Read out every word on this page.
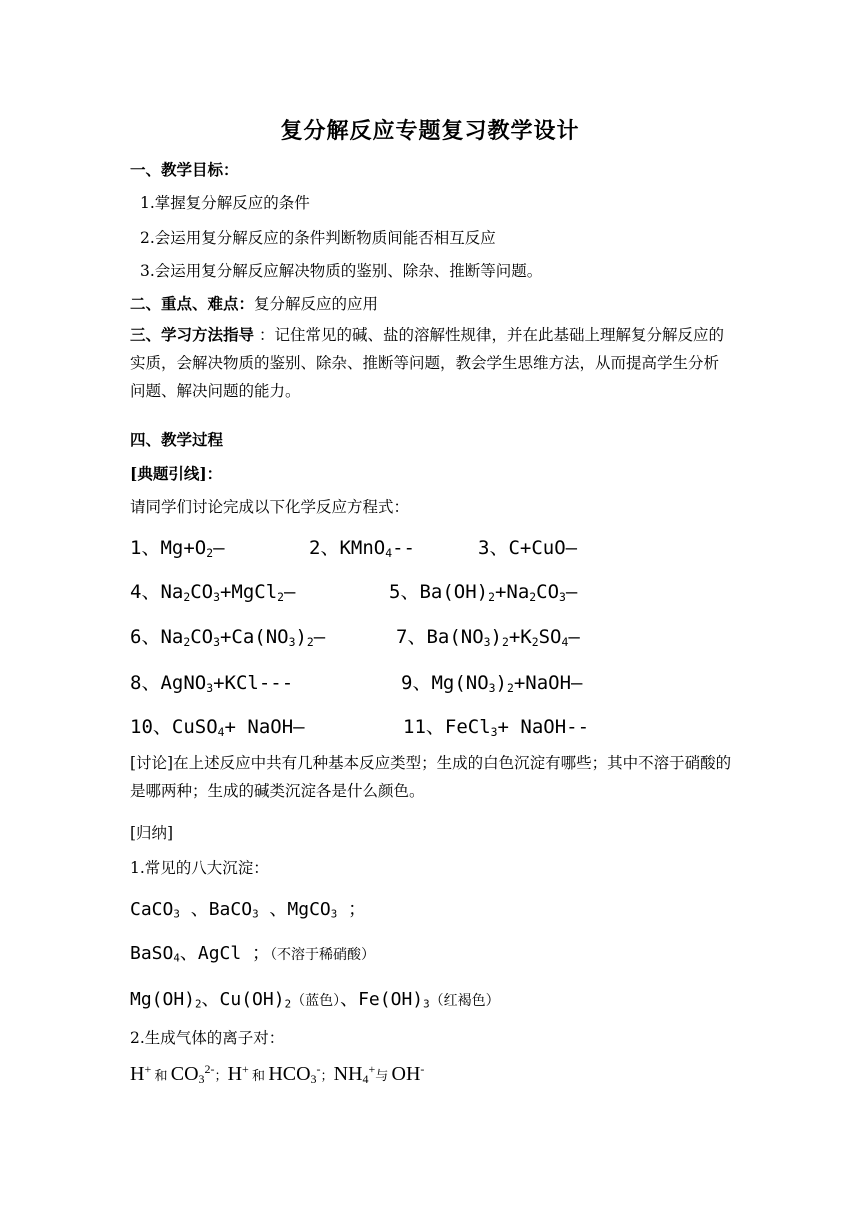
复分解反应专题复习教学设计
一、教学目标：
1.掌握复分解反应的条件
2.会运用复分解反应的条件判断物质间能否相互反应
3.会运用复分解反应解决物质的鉴别、除杂、推断等问题。
二、重点、难点：复分解反应的应用
三、学习方法指导 ：记住常见的碱、盐的溶解性规律，并在此基础上理解复分解反应的实质，会解决物质的鉴别、除杂、推断等问题，教会学生思维方法，从而提高学生分析问题、解决问题的能力。
四、教学过程
[典题引线]：
请同学们讨论完成以下化学反应方程式：
1、$Mg+O_2—$	2、KMnO$_4$--	3、C+CuO—
4、$Na_2CO_3+MgCl_2—$	5、$Ba(OH)_2+Na_2CO_3—$
6、$Na_2CO_3+Ca(NO_3)_2—$	7、$Ba(NO_3)_2+K_2SO_4—$
8、AgNO$_3$+KCl---	9、$Mg(NO_3)_2+NaOH—$
10、CuSO$_4$+ NaOH—	11、FeCl$_3$+ NaOH--
[讨论]在上述反应中共有几种基本反应类型；生成的白色沉淀有哪些；其中不溶于硝酸的是哪两种；生成的碱类沉淀各是什么颜色。
[归纳]
1.常见的八大沉淀：
CaCO$_3$ 、BaCO$_3$ 、MgCO$_3$ ；
BaSO$_4$、AgCl ；（不溶于稀硝酸）
$Mg(OH)_2$、$Cu(OH)_2$（蓝色）、$Fe(OH)_3$（红褐色）
2.生成气体的离子对：
H+ 和 $CO_3^{2-}$；H+ 和 $HCO_3^-$；$NH_4^+$与 OH-
